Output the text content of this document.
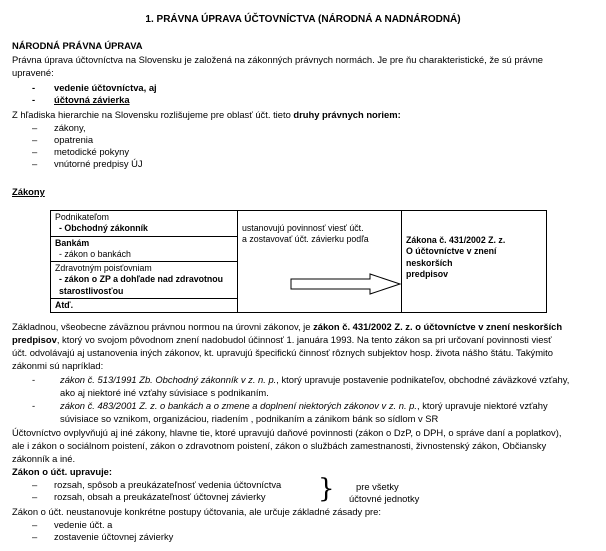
1. PRÁVNA ÚPRAVA ÚČTOVNÍCTVA (NÁRODNÁ A NADNÁRODNÁ)
NÁRODNÁ PRÁVNA ÚPRAVA
Právna úprava účtovníctva na Slovensku je založená na zákonných právnych normách. Je pre ňu charakteristické, že sú právne
upravené:
- vedenie účtovníctva, aj
- účtovná závierka
Z hľadiska hierarchie na Slovensku rozlišujeme pre oblasť účt. tieto druhy právnych noriem:
– zákony,
– opatrenia
– metodické pokyny
– vnútorné predpisy ÚJ
Zákony
Podnikateľom
- Obchodný zákonník
Bankám
- zákon o bankách
Zdravotným poisťovniam
- zákon o ZP a dohľade nad zdravotnou
starostlivosťou
Atď.

ustanovujú povinnosť viesť účt.
a zostavovať účt. závierku podľa	Zákona č. 431/2002 Z. z.
O účtovníctve v znení neskorších
predpisov
Základnou, všeobecne záväznou právnou normou na úrovni zákonov, je zákon č. 431/2002 Z. z. o účtovníctve v znení neskorších
predpisov, ktorý vo svojom pôvodnom znení nadobudol účinnosť 1. januára 1993. Na tento zákon sa pri určovaní povinnosti viesť
účt. odvolávajú aj ustanovenia iných zákonov, kt. upravujú špecifickú činnosť rôznych subjektov hosp. života nášho štátu. Takýmito
zákonmi sú napríklad:
-	zákon č. 513/1991 Zb. Obchodný zákonník v z. n. p., ktorý upravuje postavenie podnikateľov, obchodné záväzkové vzťahy,
ako aj niektoré iné vzťahy súvisiace s podnikaním.
-	zákon č. 483/2001 Z. z. o bankách a o zmene a doplnení niektorých zákonov v z. n. p., ktorý upravuje niektoré vzťahy
súvisiace so vznikom, organizáciou, riadením , podnikaním a zánikom bánk so sídlom v SR
Účtovníctvo ovplyvňujú aj iné zákony, hlavne tie, ktoré upravujú daňové povinnosti (zákon o DzP, o DPH, o správe daní a poplatkov),
ale i zákon o sociálnom poistení, zákon o zdravotnom poistení, zákon o službách zamestnanosti, živnostenský zákon, Občiansky
zákonník a iné.
Zákon o účt. upravuje:
– rozsah, spôsob a preukázateľnosť vedenia účtovníctva
– rozsah, obsah a preukázateľnosť účtovnej závierky	} pre všetky
účtovné jednotky
Zákon o účt. neustanovuje konkrétne postupy účtovania, ale určuje základné zásady pre:
– vedenie účt. a
– zostavenie účtovnej závierky
